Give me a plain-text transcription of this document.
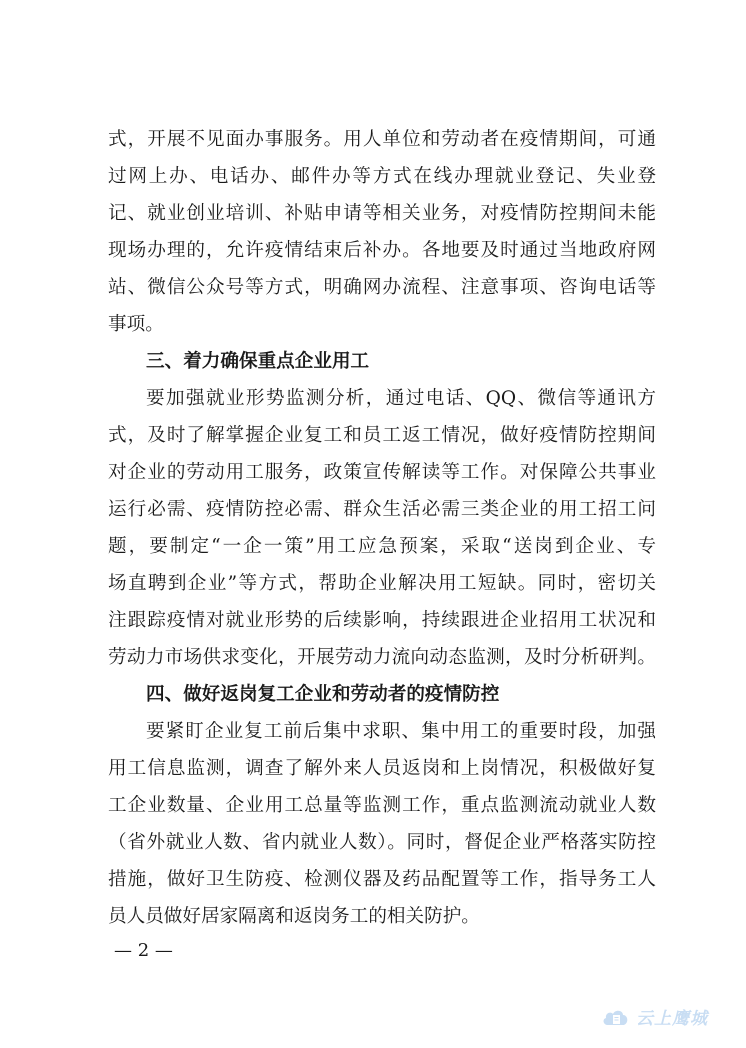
式，开展不见面办事服务。用人单位和劳动者在疫情期间，可通
过网上办、电话办、邮件办等方式在线办理就业登记、失业登
记、就业创业培训、补贴申请等相关业务，对疫情防控期间未能
现场办理的，允许疫情结束后补办。各地要及时通过当地政府网
站、微信公众号等方式，明确网办流程、注意事项、咨询电话等
事项。
三、着力确保重点企业用工
要加强就业形势监测分析，通过电话、QQ、微信等通讯方
式，及时了解掌握企业复工和员工返工情况，做好疫情防控期间
对企业的劳动用工服务，政策宣传解读等工作。对保障公共事业
运行必需、疫情防控必需、群众生活必需三类企业的用工招工问
题，要制定“一企一策”用工应急预案，采取“送岗到企业、专
场直聘到企业”等方式，帮助企业解决用工短缺。同时，密切关
注跟踪疫情对就业形势的后续影响，持续跟进企业招用工状况和
劳动力市场供求变化，开展劳动力流向动态监测，及时分析研判。
四、做好返岗复工企业和劳动者的疫情防控
要紧盯企业复工前后集中求职、集中用工的重要时段，加强
用工信息监测，调查了解外来人员返岗和上岗情况，积极做好复
工企业数量、企业用工总量等监测工作，重点监测流动就业人数
（省外就业人数、省内就业人数）。同时，督促企业严格落实防控
措施，做好卫生防疫、检测仪器及药品配置等工作，指导务工人
员人员做好居家隔离和返岗务工的相关防护。
— 2 —
云上鹰城
